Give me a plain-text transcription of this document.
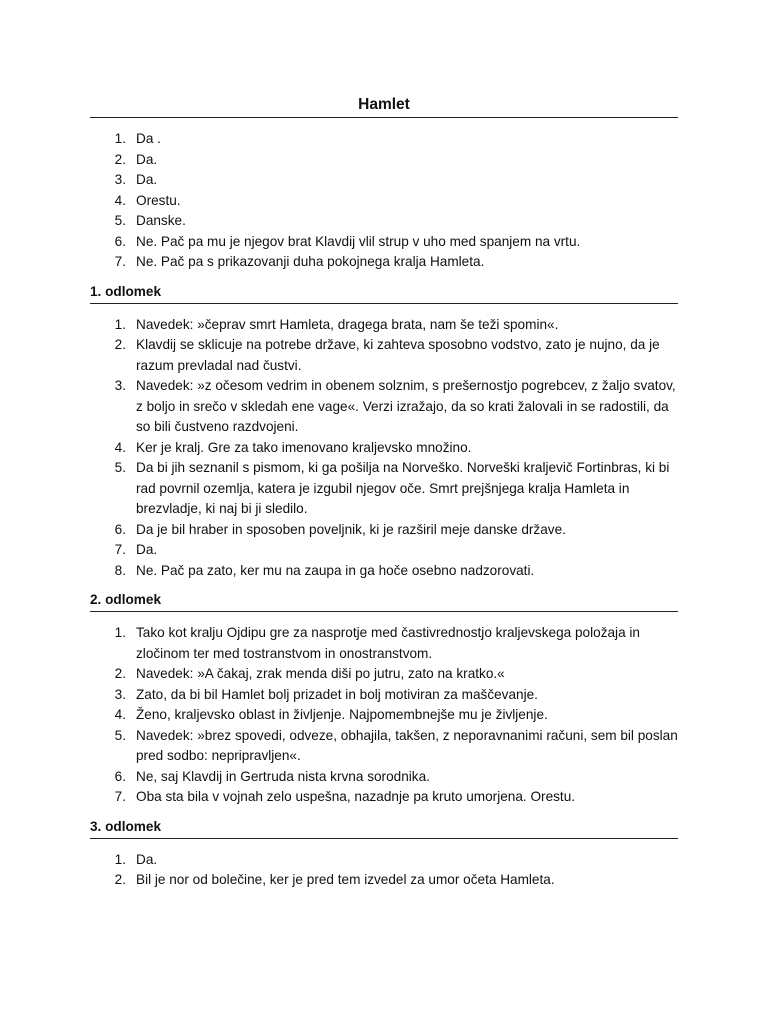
Hamlet
1. Da .
2. Da.
3. Da.
4. Orestu.
5. Danske.
6. Ne. Pač pa mu je njegov brat Klavdij vlil strup v uho med spanjem na vrtu.
7. Ne. Pač pa s prikazovanji duha pokojnega kralja Hamleta.
1. odlomek
1. Navedek: »čeprav smrt Hamleta, dragega brata, nam še teži spomin«.
2. Klavdij se sklicuje na potrebe države, ki zahteva sposobno vodstvo, zato je nujno, da je razum prevladal nad čustvi.
3. Navedek: »z očesom vedrim in obenem solznim, s prešernostjo pogrebcev, z žaljo svatov, z boljo in srečo v skledah ene vage«. Verzi izražajo, da so krati žalovali in se radostili, da so bili čustveno razdvojeni.
4. Ker je kralj. Gre za tako imenovano kraljevsko množino.
5. Da bi jih seznanil s pismom, ki ga pošilja na Norveško. Norveški kraljevič Fortinbras, ki bi rad povrnil ozemlja, katera je izgubil njegov oče. Smrt prejšnjega kralja Hamleta in brezvladje, ki naj bi ji sledilo.
6. Da je bil hraber in sposoben poveljnik, ki je razširil meje danske države.
7. Da.
8. Ne. Pač pa zato, ker mu na zaupa in ga hoče osebno nadzorovati.
2. odlomek
1. Tako kot kralju Ojdipu gre za nasprotje med častivrednostjo kraljevskega položaja in zločinom ter med tostranstvom in onostranstvom.
2. Navedek: »A čakaj, zrak menda diši po jutru, zato na kratko.«
3. Zato, da bi bil Hamlet bolj prizadet in bolj motiviran za maščevanje.
4. Ženo, kraljevsko oblast in življenje. Najpomembnejše mu je življenje.
5. Navedek: »brez spovedi, odveze, obhajila, takšen, z neporavnanimi računi, sem bil poslan pred sodbo: nepripravljen«.
6. Ne, saj Klavdij in Gertruda nista krvna sorodnika.
7. Oba sta bila v vojnah zelo uspešna, nazadnje pa kruto umorjena. Orestu.
3. odlomek
1. Da.
2. Bil je nor od bolečine, ker je pred tem izvedel za umor očeta Hamleta.
